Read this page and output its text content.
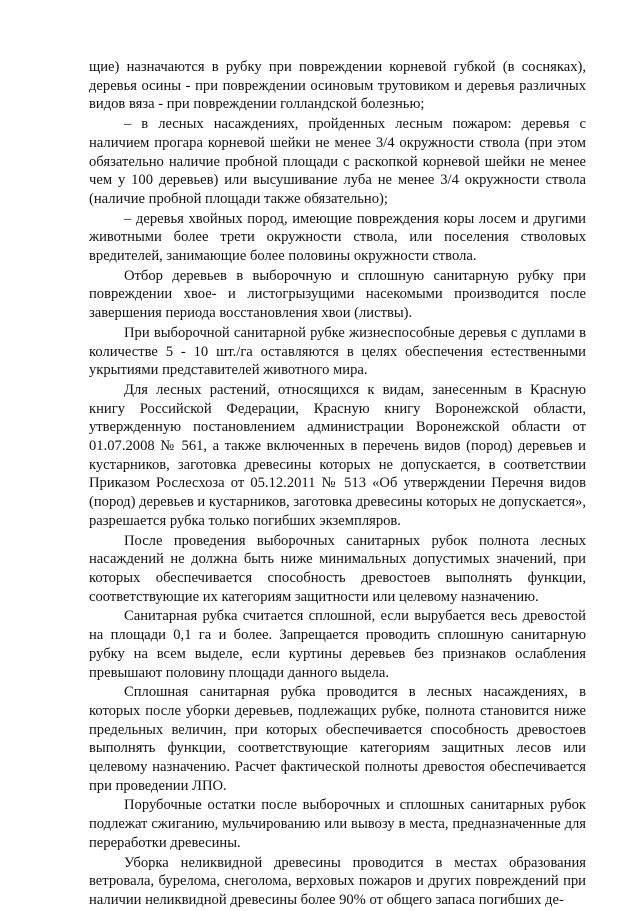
щие) назначаются в рубку при повреждении корневой губкой (в сосняках), деревья осины - при повреждении осиновым трутовиком и деревья различных видов вяза - при повреждении голландской болезнью;

– в лесных насаждениях, пройденных лесным пожаром: деревья с наличием прогара корневой шейки не менее 3/4 окружности ствола (при этом обязательно наличие пробной площади с раскопкой корневой шейки не менее чем у 100 деревьев) или высушивание луба не менее 3/4 окружности ствола (наличие пробной площади также обязательно);

– деревья хвойных пород, имеющие повреждения коры лосем и другими животными более трети окружности ствола, или поселения стволовых вредителей, занимающие более половины окружности ствола.

Отбор деревьев в выборочную и сплошную санитарную рубку при повреждении хвое- и листогрызущими насекомыми производится после завершения периода восстановления хвои (листвы).

При выборочной санитарной рубке жизнеспособные деревья с дуплами в количестве 5 - 10 шт./га оставляются в целях обеспечения естественными укрытиями представителей животного мира.

Для лесных растений, относящихся к видам, занесенным в Красную книгу Российской Федерации, Красную книгу Воронежской области, утвержденную постановлением администрации Воронежской области от 01.07.2008 № 561, а также включенных в перечень видов (пород) деревьев и кустарников, заготовка древесины которых не допускается, в соответствии Приказом Рослесхоза от 05.12.2011 № 513 «Об утверждении Перечня видов (пород) деревьев и кустарников, заготовка древесины которых не допускается», разрешается рубка только погибших экземпляров.

После проведения выборочных санитарных рубок полнота лесных насаждений не должна быть ниже минимальных допустимых значений, при которых обеспечивается способность древостоев выполнять функции, соответствующие их категориям защитности или целевому назначению.

Санитарная рубка считается сплошной, если вырубается весь древостой на площади 0,1 га и более. Запрещается проводить сплошную санитарную рубку на всем выделе, если куртины деревьев без признаков ослабления превышают половину площади данного выдела.

Сплошная санитарная рубка проводится в лесных насаждениях, в которых после уборки деревьев, подлежащих рубке, полнота становится ниже предельных величин, при которых обеспечивается способность древостоев выполнять функции, соответствующие категориям защитных лесов или целевому назначению. Расчет фактической полноты древостоя обеспечивается при проведении ЛПО.

Порубочные остатки после выборочных и сплошных санитарных рубок подлежат сжиганию, мульчированию или вывозу в места, предназначенные для переработки древесины.

Уборка неликвидной древесины проводится в местах образования ветровала, бурелома, снеголома, верховых пожаров и других повреждений при наличии неликвидной древесины более 90% от общего запаса погибших де-
